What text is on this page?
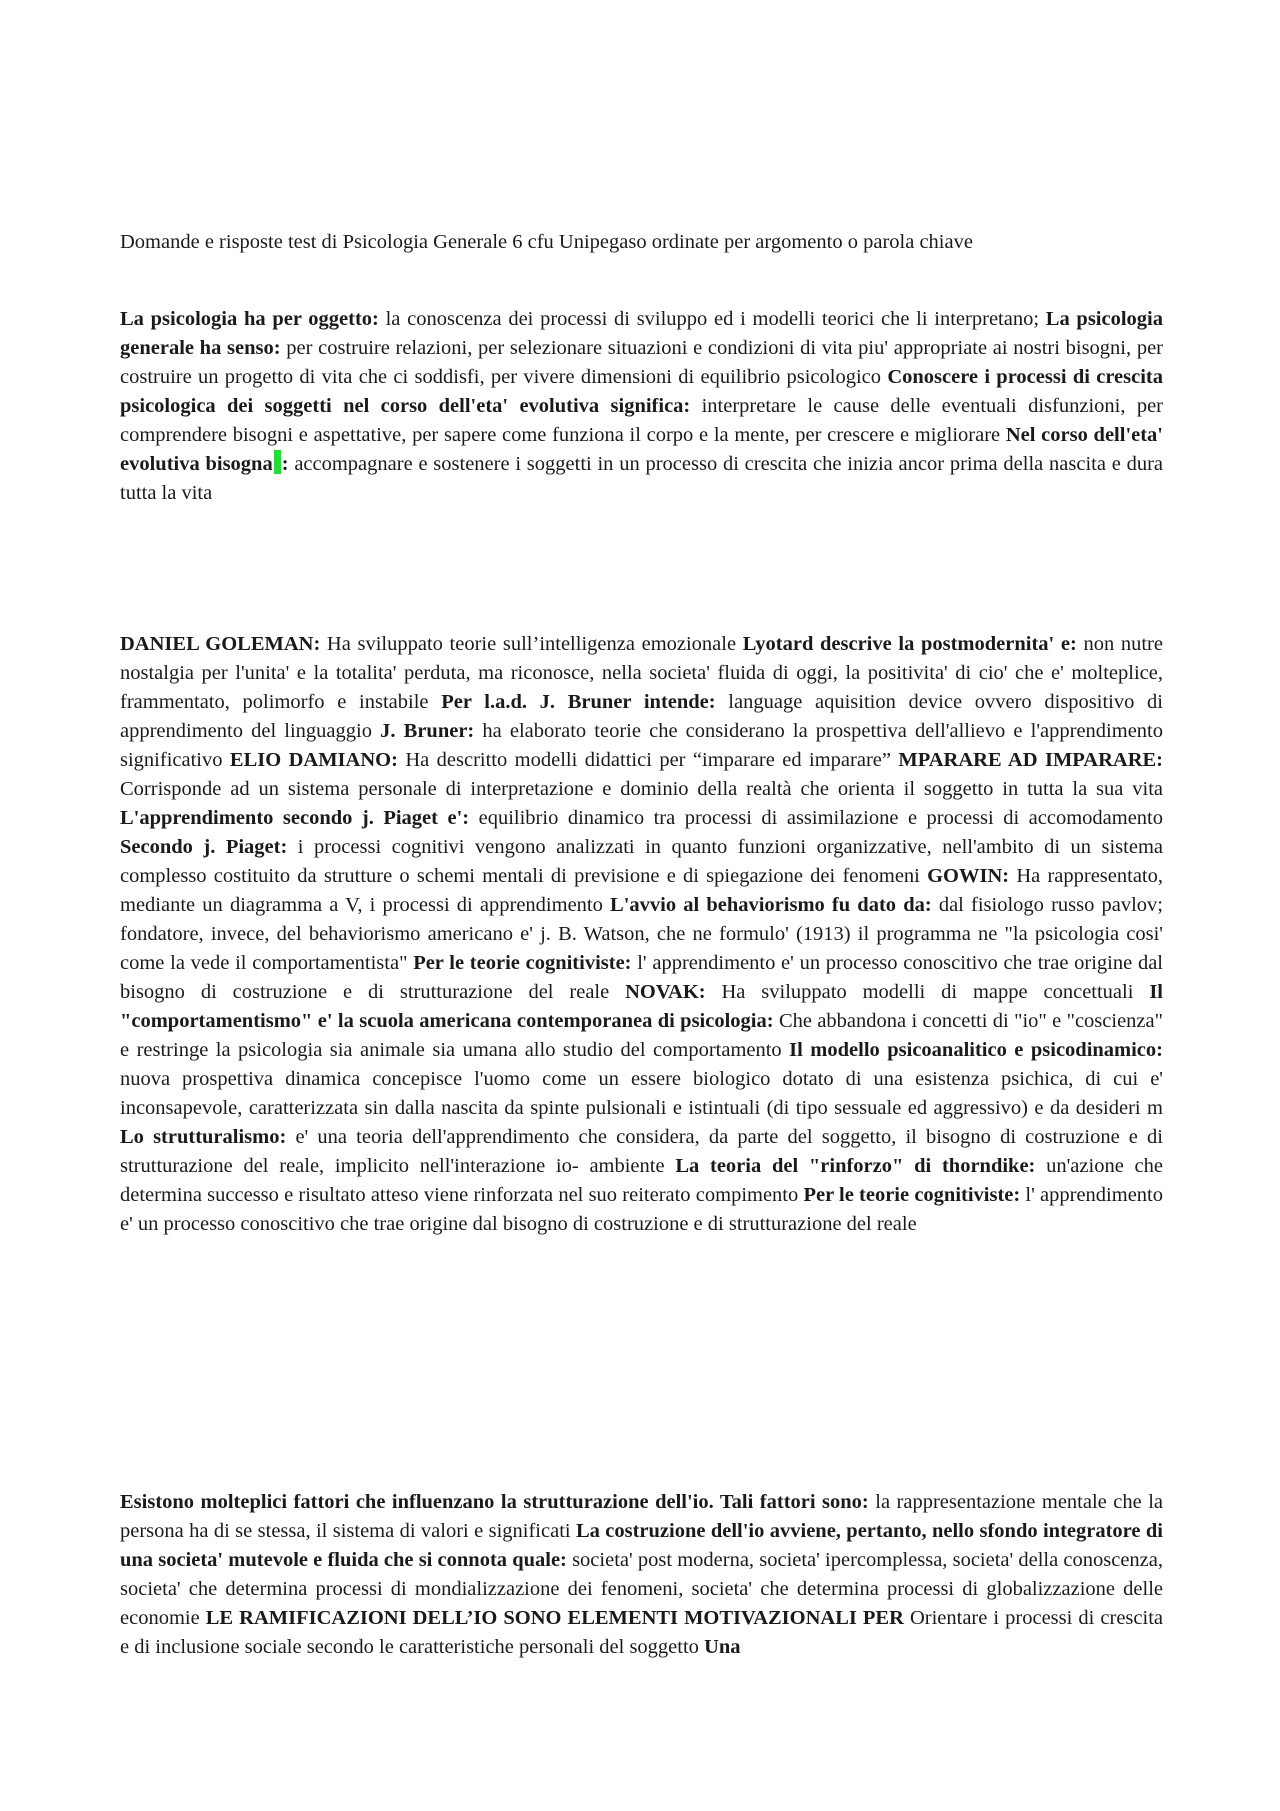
Domande e risposte test di Psicologia Generale 6 cfu Unipegaso ordinate per argomento o parola chiave
La psicologia ha per oggetto: la conoscenza dei processi di sviluppo ed i modelli teorici che li interpretano; La psicologia generale ha senso: per costruire relazioni, per selezionare situazioni e condizioni di vita piu' appropriate ai nostri bisogni, per costruire un progetto di vita che ci soddisfi, per vivere dimensioni di equilibrio psicologico Conoscere i processi di crescita psicologica dei soggetti nel corso dell'eta' evolutiva significa: interpretare le cause delle eventuali disfunzioni, per comprendere bisogni e aspettative, per sapere come funziona il corpo e la mente, per crescere e migliorare Nel corso dell'eta' evolutiva bisogna : accompagnare e sostenere i soggetti in un processo di crescita che inizia ancor prima della nascita e dura tutta la vita
DANIEL GOLEMAN: Ha sviluppato teorie sull’intelligenza emozionale Lyotard descrive la postmodernita' e: non nutre nostalgia per l'unita' e la totalita' perduta, ma riconosce, nella societa' fluida di oggi, la positivita' di cio' che e' molteplice, frammentato, polimorfo e instabile Per l.a.d. J. Bruner intende: language aquisition device ovvero dispositivo di apprendimento del linguaggio J. Bruner: ha elaborato teorie che considerano la prospettiva dell'allievo e l'apprendimento significativo ELIO DAMIANO: Ha descritto modelli didattici per “imparare ed imparare” MPARARE AD IMPARARE: Corrisponde ad un sistema personale di interpretazione e dominio della realtà che orienta il soggetto in tutta la sua vita L'apprendimento secondo j. Piaget e': equilibrio dinamico tra processi di assimilazione e processi di accomodamento Secondo j. Piaget: i processi cognitivi vengono analizzati in quanto funzioni organizzative, nell'ambito di un sistema complesso costituito da strutture o schemi mentali di previsione e di spiegazione dei fenomeni GOWIN: Ha rappresentato, mediante un diagramma a V, i processi di apprendimento L'avvio al behaviorismo fu dato da: dal fisiologo russo pavlov; fondatore, invece, del behaviorismo americano e' j. B. Watson, che ne formulo' (1913) il programma ne "la psicologia cosi' come la vede il comportamentista" Per le teorie cognitiviste: l' apprendimento e' un processo conoscitivo che trae origine dal bisogno di costruzione e di strutturazione del reale NOVAK: Ha sviluppato modelli di mappe concettuali Il "comportamentismo" e' la scuola americana contemporanea di psicologia: Che abbandona i concetti di "io" e "coscienza" e restringe la psicologia sia animale sia umana allo studio del comportamento Il modello psicoanalitico e psicodinamico: nuova prospettiva dinamica concepisce l'uomo come un essere biologico dotato di una esistenza psichica, di cui e' inconsapevole, caratterizzata sin dalla nascita da spinte pulsionali e istintuali (di tipo sessuale ed aggressivo) e da desideri m Lo strutturalismo: e' una teoria dell'apprendimento che considera, da parte del soggetto, il bisogno di costruzione e di strutturazione del reale, implicito nell'interazione io- ambiente La teoria del "rinforzo" di thorndike: un'azione che determina successo e risultato atteso viene rinforzata nel suo reiterato compimento Per le teorie cognitiviste: l' apprendimento e' un processo conoscitivo che trae origine dal bisogno di costruzione e di strutturazione del reale
Esistono molteplici fattori che influenzano la strutturazione dell'io. Tali fattori sono: la rappresentazione mentale che la persona ha di se stessa, il sistema di valori e significati La costruzione dell'io avviene, pertanto, nello sfondo integratore di una societa' mutevole e fluida che si connota quale: societa' post moderna, societa' ipercomplessa, societa' della conoscenza, societa' che determina processi di mondializzazione dei fenomeni, societa' che determina processi di globalizzazione delle economie LE RAMIFICAZIONI DELL’IO SONO ELEMENTI MOTIVAZIONALI PER Orientare i processi di crescita e di inclusione sociale secondo le caratteristiche personali del soggetto Una
